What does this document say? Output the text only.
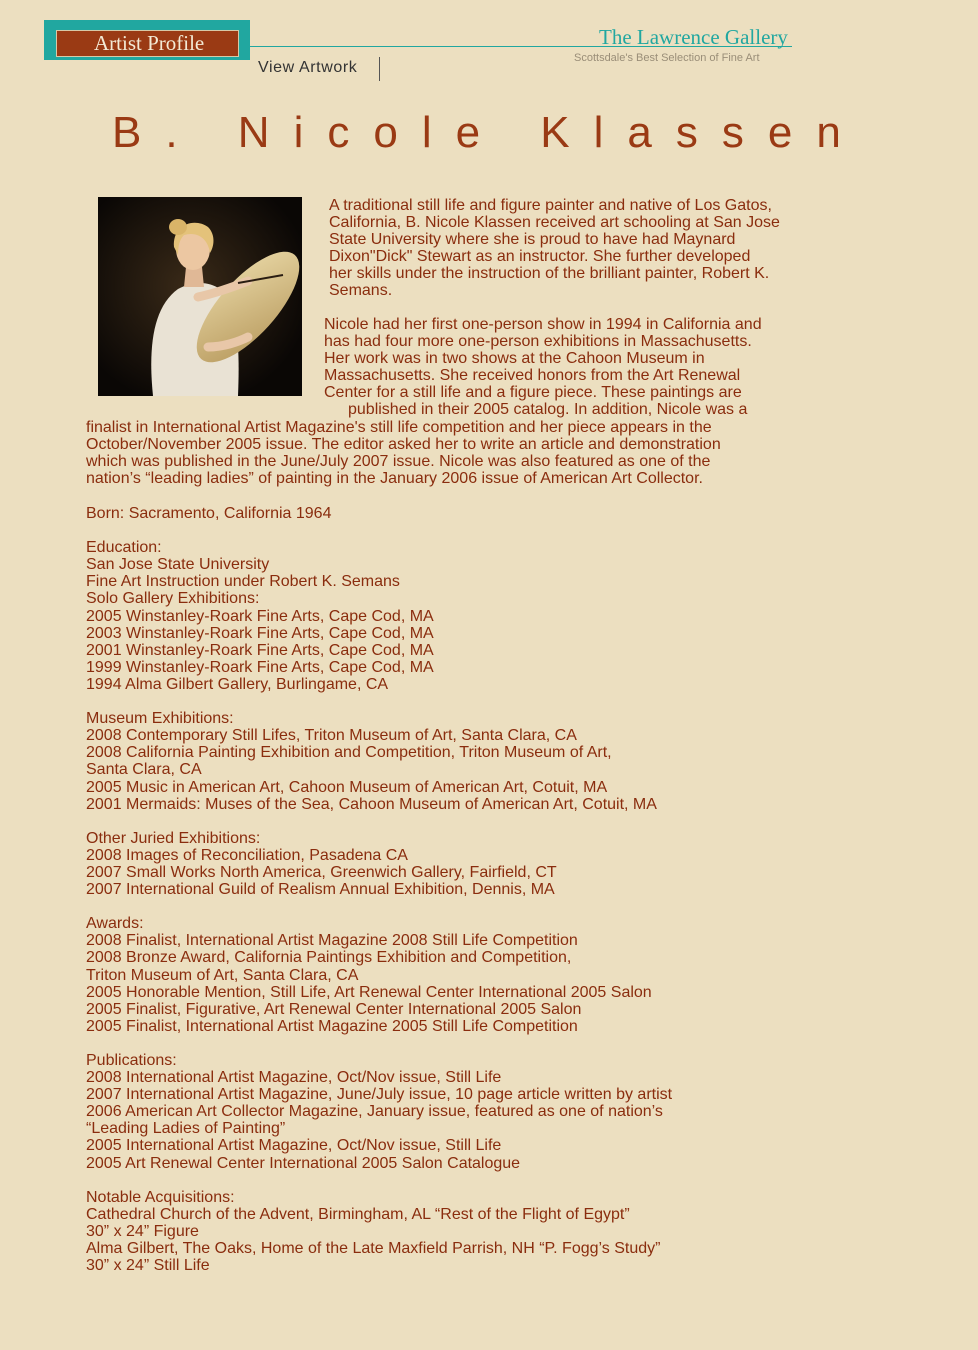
Artist Profile
View Artwork
The Lawrence Gallery
Scottsdale's Best Selection of Fine Art
B. Nicole Klassen
A traditional still life and figure painter and native of Los Gatos,
California, B. Nicole Klassen received art schooling at San Jose
State University where she is proud to have had Maynard
Dixon"Dick" Stewart as an instructor. She further developed
her skills under the instruction of the brilliant painter, Robert K.
Semans.
Nicole had her first one-person show in 1994 in California and
has had four more one-person exhibitions in Massachusetts.
Her work was in two shows at the Cahoon Museum in
Massachusetts. She received honors from the Art Renewal
Center for a still life and a figure piece. These paintings are
published in their 2005 catalog. In addition, Nicole was a
finalist in International Artist Magazine's still life competition and her piece appears in the
October/November 2005 issue. The editor asked her to write an article and demonstration
which was published in the June/July 2007 issue. Nicole was also featured as one of the
nation’s “leading ladies” of painting in the January 2006 issue of American Art Collector.
Born: Sacramento, California 1964
Education:
San Jose State University
Fine Art Instruction under Robert K. Semans
Solo Gallery Exhibitions:
2005 Winstanley-Roark Fine Arts, Cape Cod, MA
2003 Winstanley-Roark Fine Arts, Cape Cod, MA
2001 Winstanley-Roark Fine Arts, Cape Cod, MA
1999 Winstanley-Roark Fine Arts, Cape Cod, MA
1994 Alma Gilbert Gallery, Burlingame, CA
Museum Exhibitions:
2008 Contemporary Still Lifes, Triton Museum of Art, Santa Clara, CA
2008 California Painting Exhibition and Competition, Triton Museum of Art,
Santa Clara, CA
2005 Music in American Art, Cahoon Museum of American Art, Cotuit, MA
2001 Mermaids: Muses of the Sea, Cahoon Museum of American Art, Cotuit, MA
Other Juried Exhibitions:
2008 Images of Reconciliation, Pasadena CA
2007 Small Works North America, Greenwich Gallery, Fairfield, CT
2007 International Guild of Realism Annual Exhibition, Dennis, MA
Awards:
2008 Finalist, International Artist Magazine 2008 Still Life Competition
2008 Bronze Award, California Paintings Exhibition and Competition,
Triton Museum of Art, Santa Clara, CA
2005 Honorable Mention, Still Life, Art Renewal Center International 2005 Salon
2005 Finalist, Figurative, Art Renewal Center International 2005 Salon
2005 Finalist, International Artist Magazine 2005 Still Life Competition
Publications:
2008 International Artist Magazine, Oct/Nov issue, Still Life
2007 International Artist Magazine, June/July issue, 10 page article written by artist
2006 American Art Collector Magazine, January issue, featured as one of nation’s
“Leading Ladies of Painting”
2005 International Artist Magazine, Oct/Nov issue, Still Life
2005 Art Renewal Center International 2005 Salon Catalogue
Notable Acquisitions:
Cathedral Church of the Advent, Birmingham, AL “Rest of the Flight of Egypt”
30” x 24” Figure
Alma Gilbert, The Oaks, Home of the Late Maxfield Parrish, NH “P. Fogg’s Study”
30” x 24” Still Life
